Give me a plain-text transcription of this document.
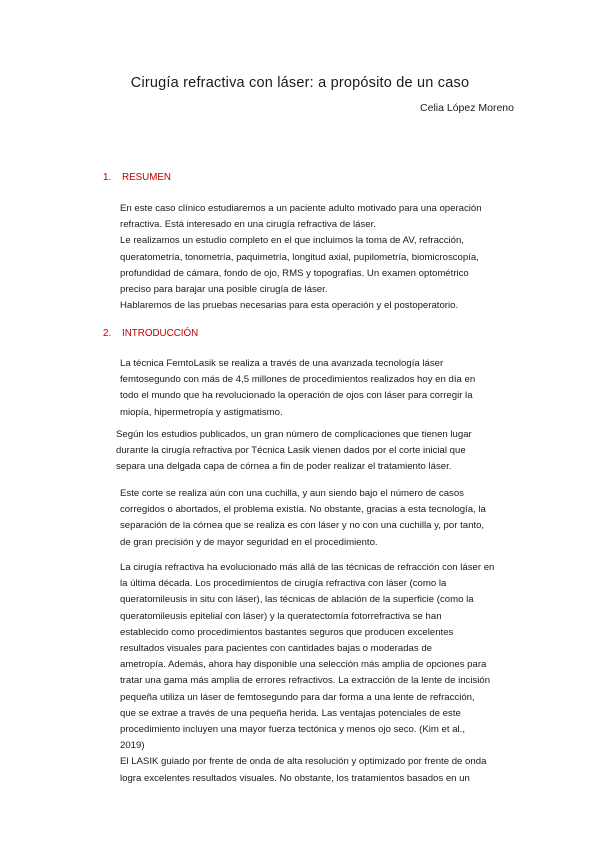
Cirugía refractiva con láser: a propósito de un caso
Celia López Moreno
1. RESUMEN
En este caso clínico estudiaremos a un paciente adulto motivado para una operación
refractiva. Está interesado en una cirugía refractiva de láser.
Le realizamos un estudio completo en el que incluimos la toma de AV, refracción,
queratometría, tonometría, paquimetría, longitud axial, pupilometría, biomicroscopía,
profundidad de cámara, fondo de ojo, RMS y topografías. Un examen optométrico
preciso para barajar una posible cirugía de láser.
Hablaremos de las pruebas necesarias para esta operación y el postoperatorio.
2. INTRODUCCIÓN
La técnica FemtoLasik se realiza a través de una avanzada tecnología láser
femtosegundo con más de 4,5 millones de procedimientos realizados hoy en día en
todo el mundo que ha revolucionado la operación de ojos con láser para corregir la
miopía, hipermetropía y astigmatismo.
Según los estudios publicados, un gran número de complicaciones que tienen lugar
durante la cirugía refractiva por Técnica Lasik vienen dados por el corte inicial que
separa una delgada capa de córnea a fin de poder realizar el tratamiento láser.
Este corte se realiza aún con una cuchilla, y aun siendo bajo el número de casos
corregidos o abortados, el problema existía. No obstante, gracias a esta tecnología, la
separación de la córnea que se realiza es con láser y no con una cuchilla y, por tanto,
de gran precisión y de mayor seguridad en el procedimiento.
La cirugía refractiva ha evolucionado más allá de las técnicas de refracción con láser en
la última década. Los procedimientos de cirugía refractiva con láser (como la
queratomileusis in situ con láser), las técnicas de ablación de la superficie (como la
queratomileusis epitelial con láser) y la queratectomía fotorrefractiva se han
establecido como procedimientos bastantes seguros que producen excelentes
resultados visuales para pacientes con cantidades bajas o moderadas de
ametropía. Además, ahora hay disponible una selección más amplia de opciones para
tratar una gama más amplia de errores refractivos. La extracción de la lente de incisión
pequeña utiliza un láser de femtosegundo para dar forma a una lente de refracción,
que se extrae a través de una pequeña herida. Las ventajas potenciales de este
procedimiento incluyen una mayor fuerza tectónica y menos ojo seco. (Kim et al.,
2019)
El LASIK guiado por frente de onda de alta resolución y optimizado por frente de onda
logra excelentes resultados visuales. No obstante, los tratamientos basados en un
